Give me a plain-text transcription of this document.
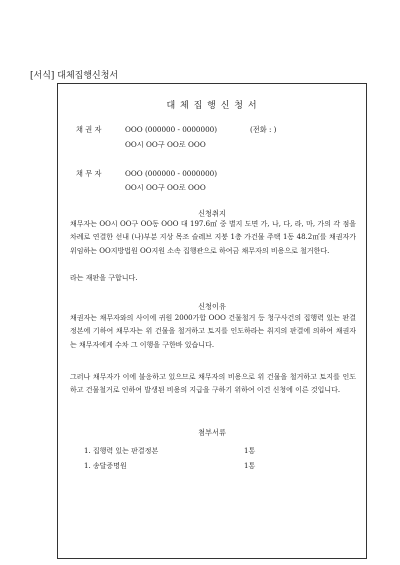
[서식] 대체집행신청서
대 체 집 행 신 청 서
채 권 자	OOO (000000 - 0000000)	(전화 : )
OO시 OO구 OO로 OOO
채 무 자	OOO (000000 - 0000000)
OO시 OO구 OO로 OOO
신청취지
채무자는 OO시 OO구 OO동 OOO 대 197.6㎡ 중 별지 도면 가, 나, 다, 라, 마, 가의 각 점을 차례로 연결한 선내 (나)부분 지상 목조 슬레브 지붕 1층 가건물 주택 1동 48.2㎡를 채권자가 위임하는 OO지방법원 OO지원 소속 집행관으로 하여금 채무자의 비용으로 철거한다.
라는 재판을 구합니다.
신청이유
채권자는 채무자와의 사이에 귀원 2000가합 OOO 건물철거 등 청구사건의 집행력 있는 판결정본에 기하여 채무자는 위 건물을 철거하고 토지를 인도하라는 취지의 판결에 의하여 채권자는 채무자에게 수차 그 이행을 구한바 있습니다.
그러나 채무자가 이에 불응하고 있으므로 채무자의 비용으로 위 건물을 철거하고 토지를 인도하고 건물철거로 인하여 발생된 비용의 지급을 구하기 위하여 이건 신청에 이른 것입니다.
첨부서류
1. 집행력 있는 판결정본	1통
1. 송달증명원	1통
